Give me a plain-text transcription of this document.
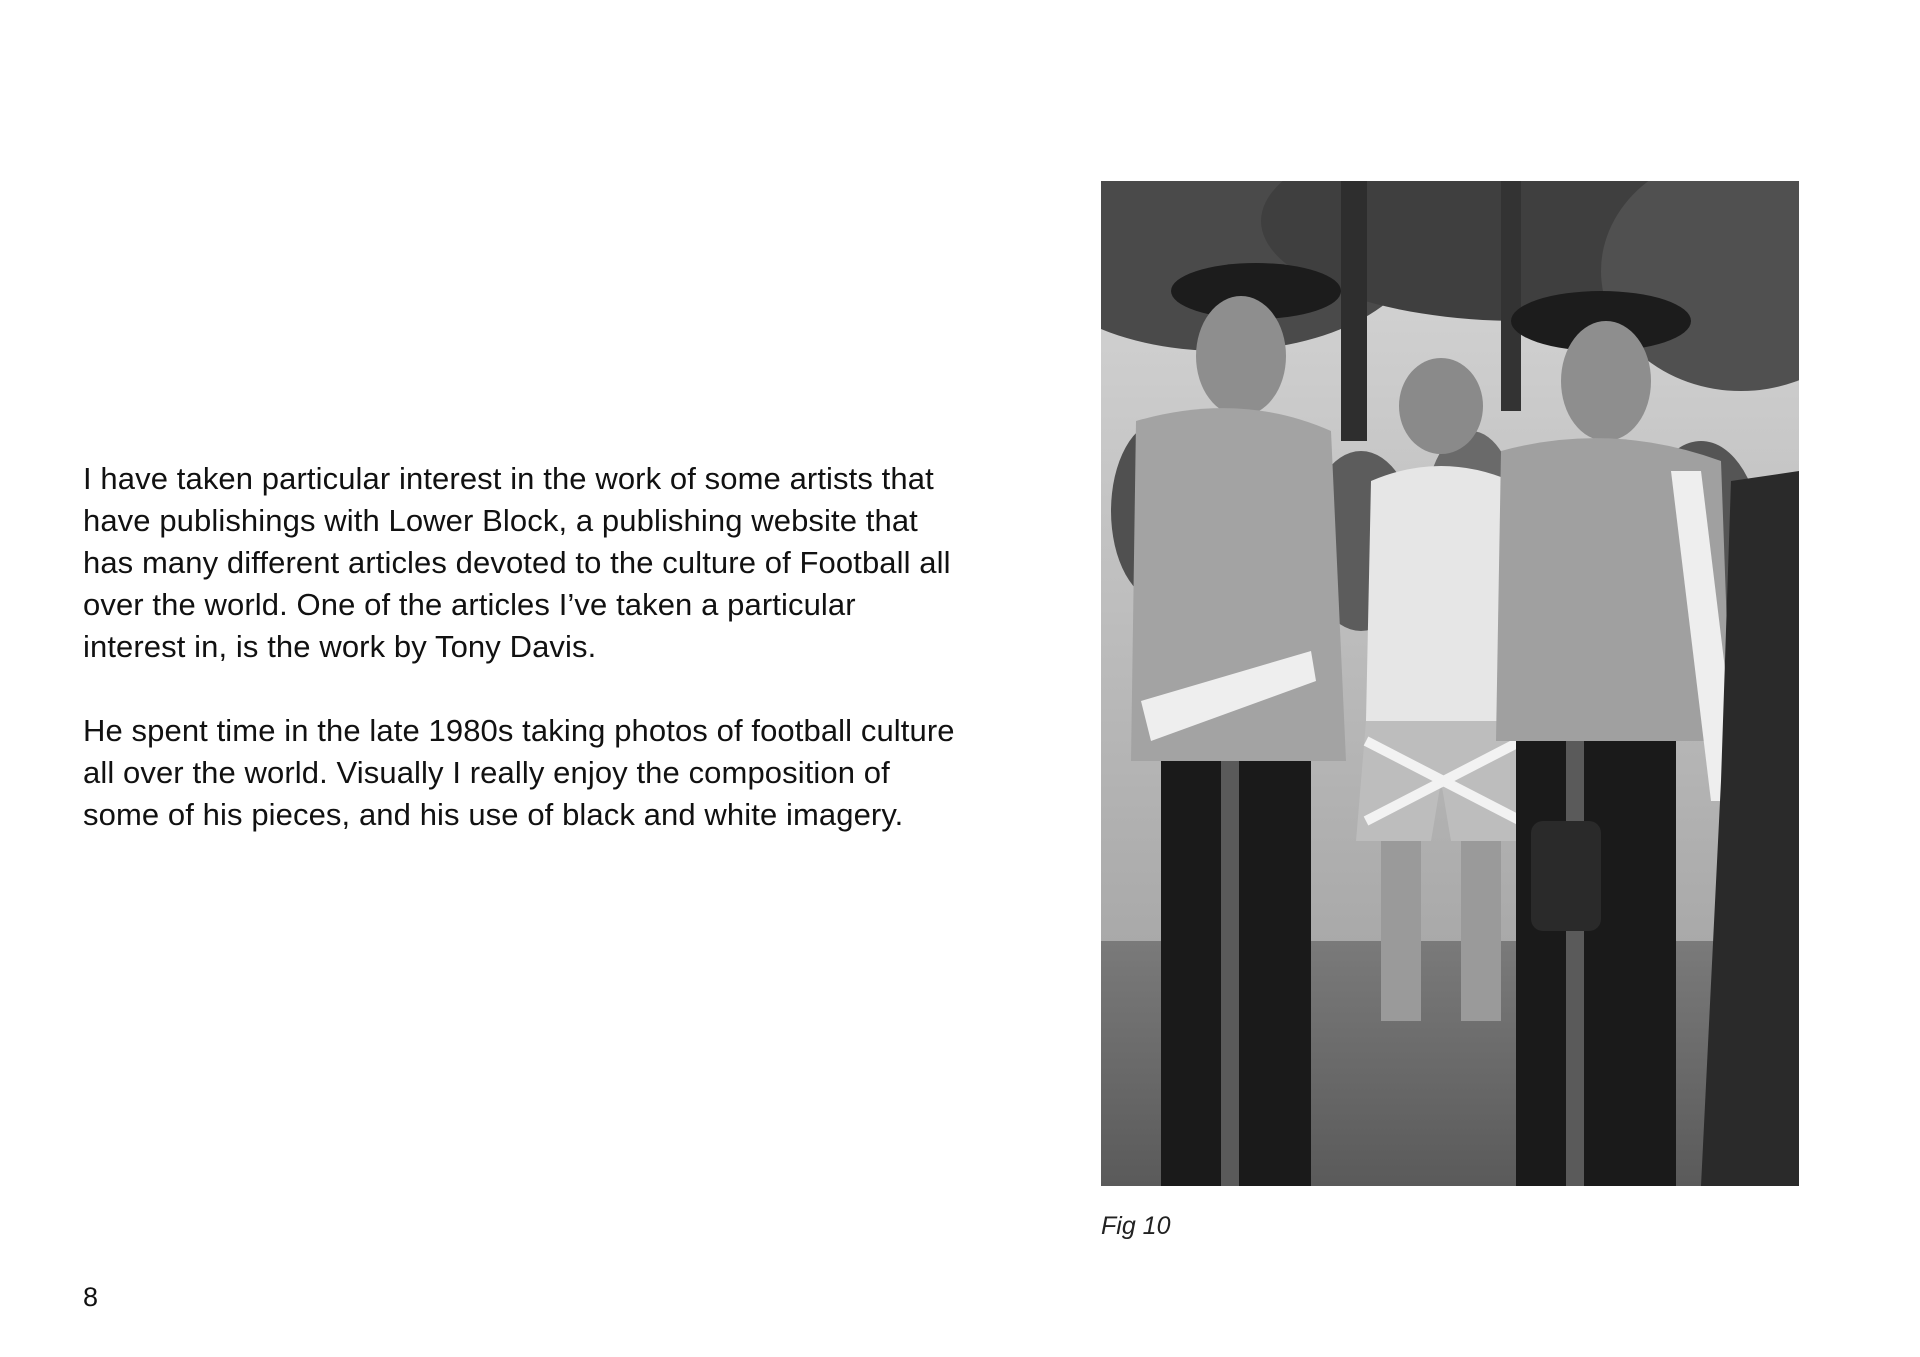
I have taken particular interest in the work of some artists that have publishings with Lower Block, a publishing website that has many different articles devoted to the culture of Football all over the world. One of the articles I’ve taken a particular interest in, is the work by Tony Davis.

He spent time in the late 1980s taking photos of football culture all over the world. Visually I really enjoy the composition of some of his pieces, and his use of black and white imagery.

Fig 10
8
